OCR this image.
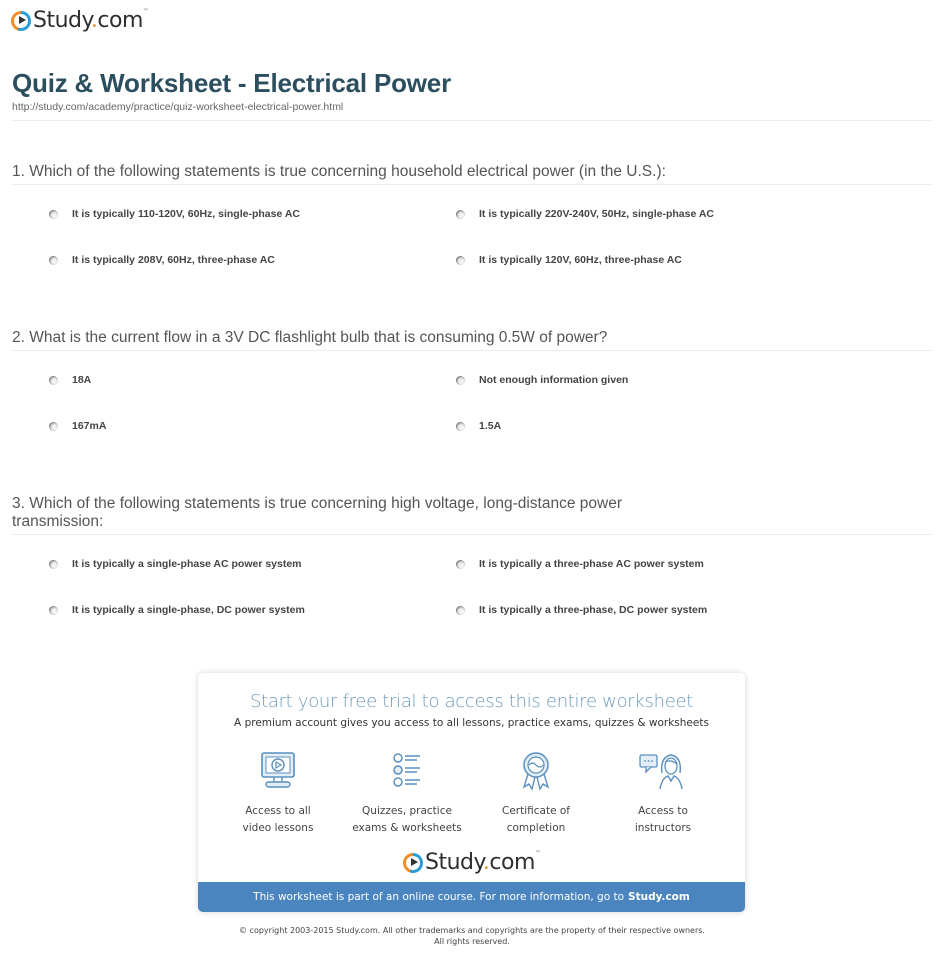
Study.com™
Quiz & Worksheet - Electrical Power
http://study.com/academy/practice/quiz-worksheet-electrical-power.html
1. Which of the following statements is true concerning household electrical power (in the U.S.):
It is typically 110-120V, 60Hz, single-phase AC	It is typically 220V-240V, 50Hz, single-phase AC
It is typically 208V, 60Hz, three-phase AC	It is typically 120V, 60Hz, three-phase AC
2. What is the current flow in a 3V DC flashlight bulb that is consuming 0.5W of power?
18A	Not enough information given
167mA	1.5A
3. Which of the following statements is true concerning high voltage, long-distance power transmission:
It is typically a single-phase AC power system	It is typically a three-phase AC power system
It is typically a single-phase, DC power system	It is typically a three-phase, DC power system
Start your free trial to access this entire worksheet
A premium account gives you access to all lessons, practice exams, quizzes & worksheets
Access to all
video lessons
Quizzes, practice
exams & worksheets
Certificate of
completion
Access to
instructors
Study.com™
This worksheet is part of an online course. For more information, go to Study.com
© copyright 2003-2015 Study.com. All other trademarks and copyrights are the property of their respective owners.
All rights reserved.
